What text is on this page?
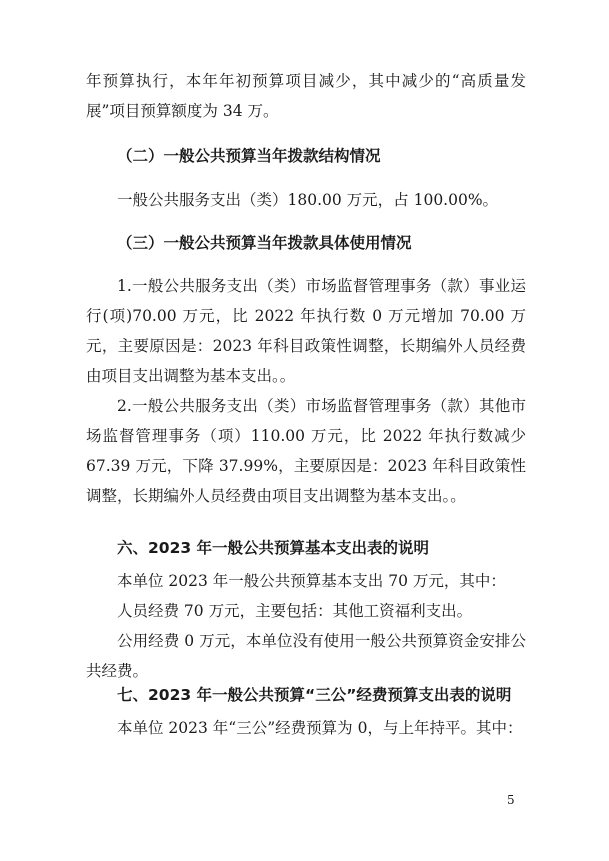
年预算执行，本年年初预算项目减少，其中减少的“高质量发展”项目预算额度为 34 万。

（二）一般公共预算当年拨款结构情况

一般公共服务支出（类）180.00 万元，占 100.00%。

（三）一般公共预算当年拨款具体使用情况

1.一般公共服务支出（类）市场监督管理事务（款）事业运行(项)70.00 万元，比 2022 年执行数 0 万元增加 70.00 万元，主要原因是：2023 年科目政策性调整，长期编外人员经费由项目支出调整为基本支出。。

2.一般公共服务支出（类）市场监督管理事务（款）其他市场监督管理事务（项）110.00 万元，比 2022 年执行数减少 67.39 万元，下降 37.99%，主要原因是：2023 年科目政策性调整，长期编外人员经费由项目支出调整为基本支出。。

六、2023 年一般公共预算基本支出表的说明

本单位 2023 年一般公共预算基本支出 70 万元，其中：

人员经费 70 万元，主要包括：其他工资福利支出。

公用经费 0 万元，本单位没有使用一般公共预算资金安排公共经费。

七、2023 年一般公共预算“三公”经费预算支出表的说明

本单位 2023 年“三公”经费预算为 0，与上年持平。其中：

5
